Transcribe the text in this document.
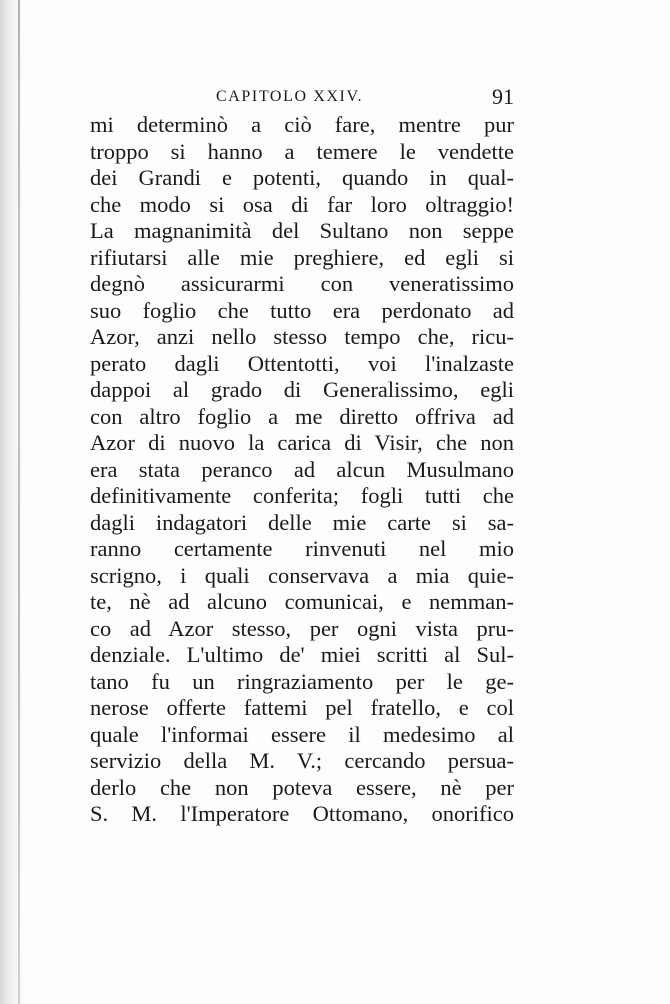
CAPITOLO XXIV.	91
mi determinò a ciò fare, mentre pur
troppo si hanno a temere le vendette
dei Grandi e potenti, quando in qual-
che modo si osa di far loro oltraggio!
La magnanimità del Sultano non seppe
rifiutarsi alle mie preghiere, ed egli si
degnò assicurarmi con veneratissimo
suo foglio che tutto era perdonato ad
Azor, anzi nello stesso tempo che, ricu-
perato dagli Ottentotti, voi l'inalzaste
dappoi al grado di Generalissimo, egli
con altro foglio a me diretto offriva ad
Azor di nuovo la carica di Visir, che non
era stata peranco ad alcun Musulmano
definitivamente conferita; fogli tutti che
dagli indagatori delle mie carte si sa-
ranno certamente rinvenuti nel mio
scrigno, i quali conservava a mia quie-
te, nè ad alcuno comunicai, e nemman-
co ad Azor stesso, per ogni vista pru-
denziale. L'ultimo de' miei scritti al Sul-
tano fu un ringraziamento per le ge-
nerose offerte fattemi pel fratello, e col
quale l'informai essere il medesimo al
servizio della M. V.; cercando persua-
derlo che non poteva essere, nè per
S. M. l'Imperatore Ottomano, onorifico
